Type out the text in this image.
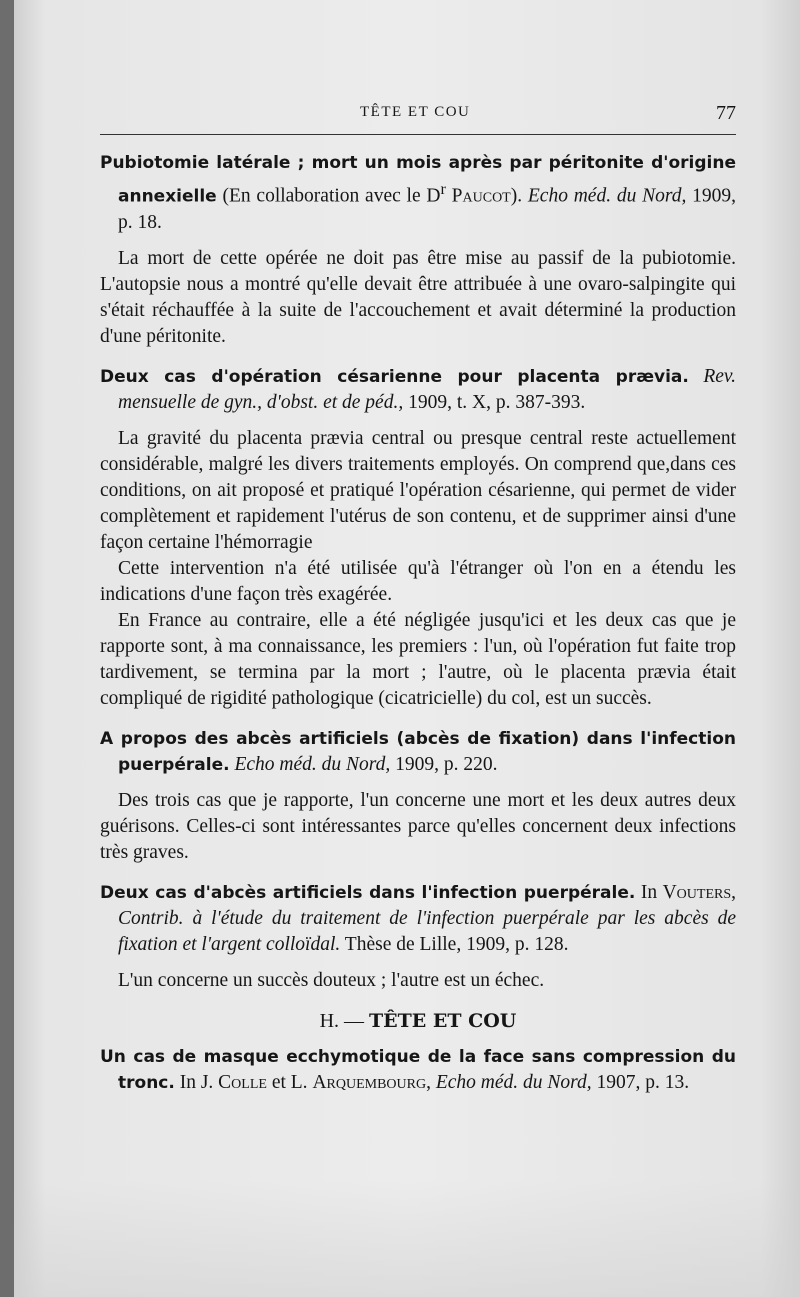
TÊTE ET COU	77

Pubiotomie latérale ; mort un mois après par péritonite d'origine annexielle (En collaboration avec le $D^r$ Paucot). Echo méd. du Nord, 1909, p. 18.

La mort de cette opérée ne doit pas être mise au passif de la pubiotomie. L'autopsie nous a montré qu'elle devait être attribuée à une ovaro-salpingite qui s'était réchauffée à la suite de l'accouchement et avait déterminé la production d'une péritonite.

Deux cas d'opération césarienne pour placenta prævia. Rev. mensuelle de gyn., d'obst. et de péd., 1909, t. X, p. 387-393.

La gravité du placenta prævia central ou presque central reste actuellement considérable, malgré les divers traitements employés. On comprend que,dans ces conditions, on ait proposé et pratiqué l'opération césarienne, qui permet de vider complètement et rapidement l'utérus de son contenu, et de supprimer ainsi d'une façon certaine l'hémorragie

Cette intervention n'a été utilisée qu'à l'étranger où l'on en a étendu les indications d'une façon très exagérée.

En France au contraire, elle a été négligée jusqu'ici et les deux cas que je rapporte sont, à ma connaissance, les premiers : l'un, où l'opération fut faite trop tardivement, se termina par la mort ; l'autre, où le placenta prævia était compliqué de rigidité pathologique (cicatricielle) du col, est un succès.

A propos des abcès artificiels (abcès de fixation) dans l'infection puerpérale. Echo méd. du Nord, 1909, p. 220.

Des trois cas que je rapporte, l'un concerne une mort et les deux autres deux guérisons. Celles-ci sont intéressantes parce qu'elles concernent deux infections très graves.

Deux cas d'abcès artificiels dans l'infection puerpérale. In Vouters, Contrib. à l'étude du traitement de l'infection puerpérale par les abcès de fixation et l'argent colloïdal. Thèse de Lille, 1909, p. 128.

L'un concerne un succès douteux ; l'autre est un échec.

H. — TÊTE ET COU

Un cas de masque ecchymotique de la face sans compression du tronc. In J. Colle et L. Arquembourg, Echo méd. du Nord, 1907, p. 13.
